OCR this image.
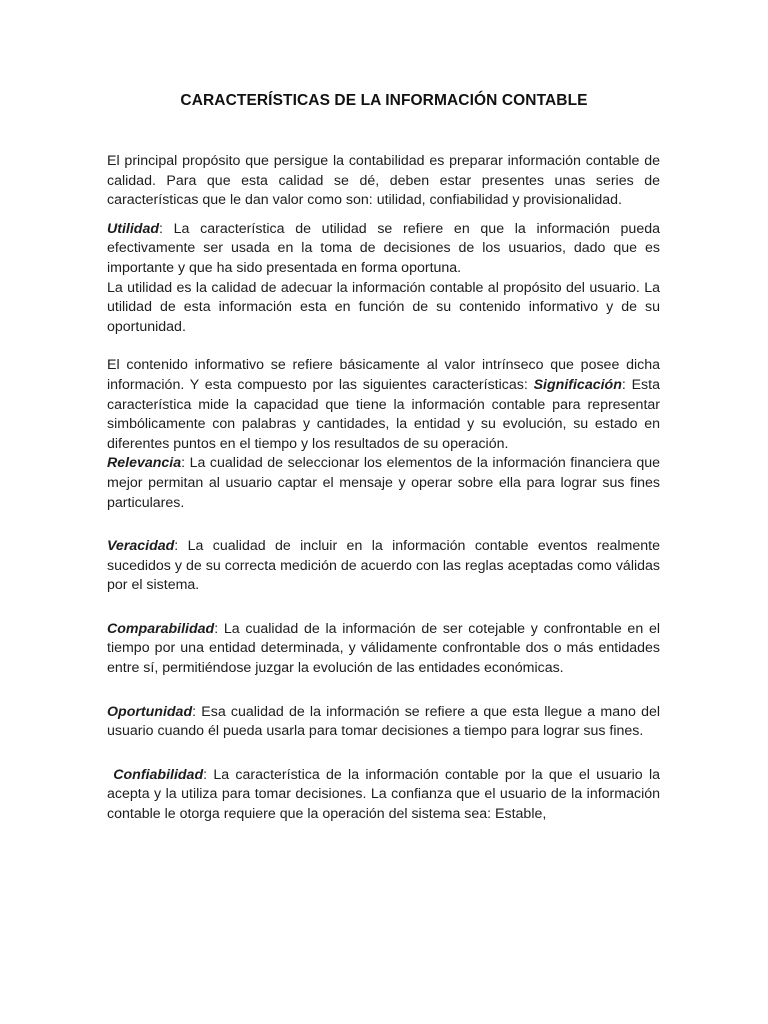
CARACTERÍSTICAS DE LA INFORMACIÓN CONTABLE

El principal propósito que persigue la contabilidad es preparar información contable de calidad. Para que esta calidad se dé, deben estar presentes unas series de características que le dan valor como son: utilidad, confiabilidad y provisionalidad.

Utilidad: La característica de utilidad se refiere en que la información pueda efectivamente ser usada en la toma de decisiones de los usuarios, dado que es importante y que ha sido presentada en forma oportuna.
La utilidad es la calidad de adecuar la información contable al propósito del usuario. La utilidad de esta información esta en función de su contenido informativo y de su oportunidad.

El contenido informativo se refiere básicamente al valor intrínseco que posee dicha información. Y esta compuesto por las siguientes características: Significación: Esta característica mide la capacidad que tiene la información contable para representar simbólicamente con palabras y cantidades, la entidad y su evolución, su estado en diferentes puntos en el tiempo y los resultados de su operación.
Relevancia: La cualidad de seleccionar los elementos de la información financiera que mejor permitan al usuario captar el mensaje y operar sobre ella para lograr sus fines particulares.

Veracidad: La cualidad de incluir en la información contable eventos realmente sucedidos y de su correcta medición de acuerdo con las reglas aceptadas como válidas por el sistema.

Comparabilidad: La cualidad de la información de ser cotejable y confrontable en el tiempo por una entidad determinada, y válidamente confrontable dos o más entidades entre sí, permitiéndose juzgar la evolución de las entidades económicas.

Oportunidad: Esa cualidad de la información se refiere a que esta llegue a mano del usuario cuando él pueda usarla para tomar decisiones a tiempo para lograr sus fines.

Confiabilidad: La característica de la información contable por la que el usuario la acepta y la utiliza para tomar decisiones. La confianza que el usuario de la información contable le otorga requiere que la operación del sistema sea: Estable,
